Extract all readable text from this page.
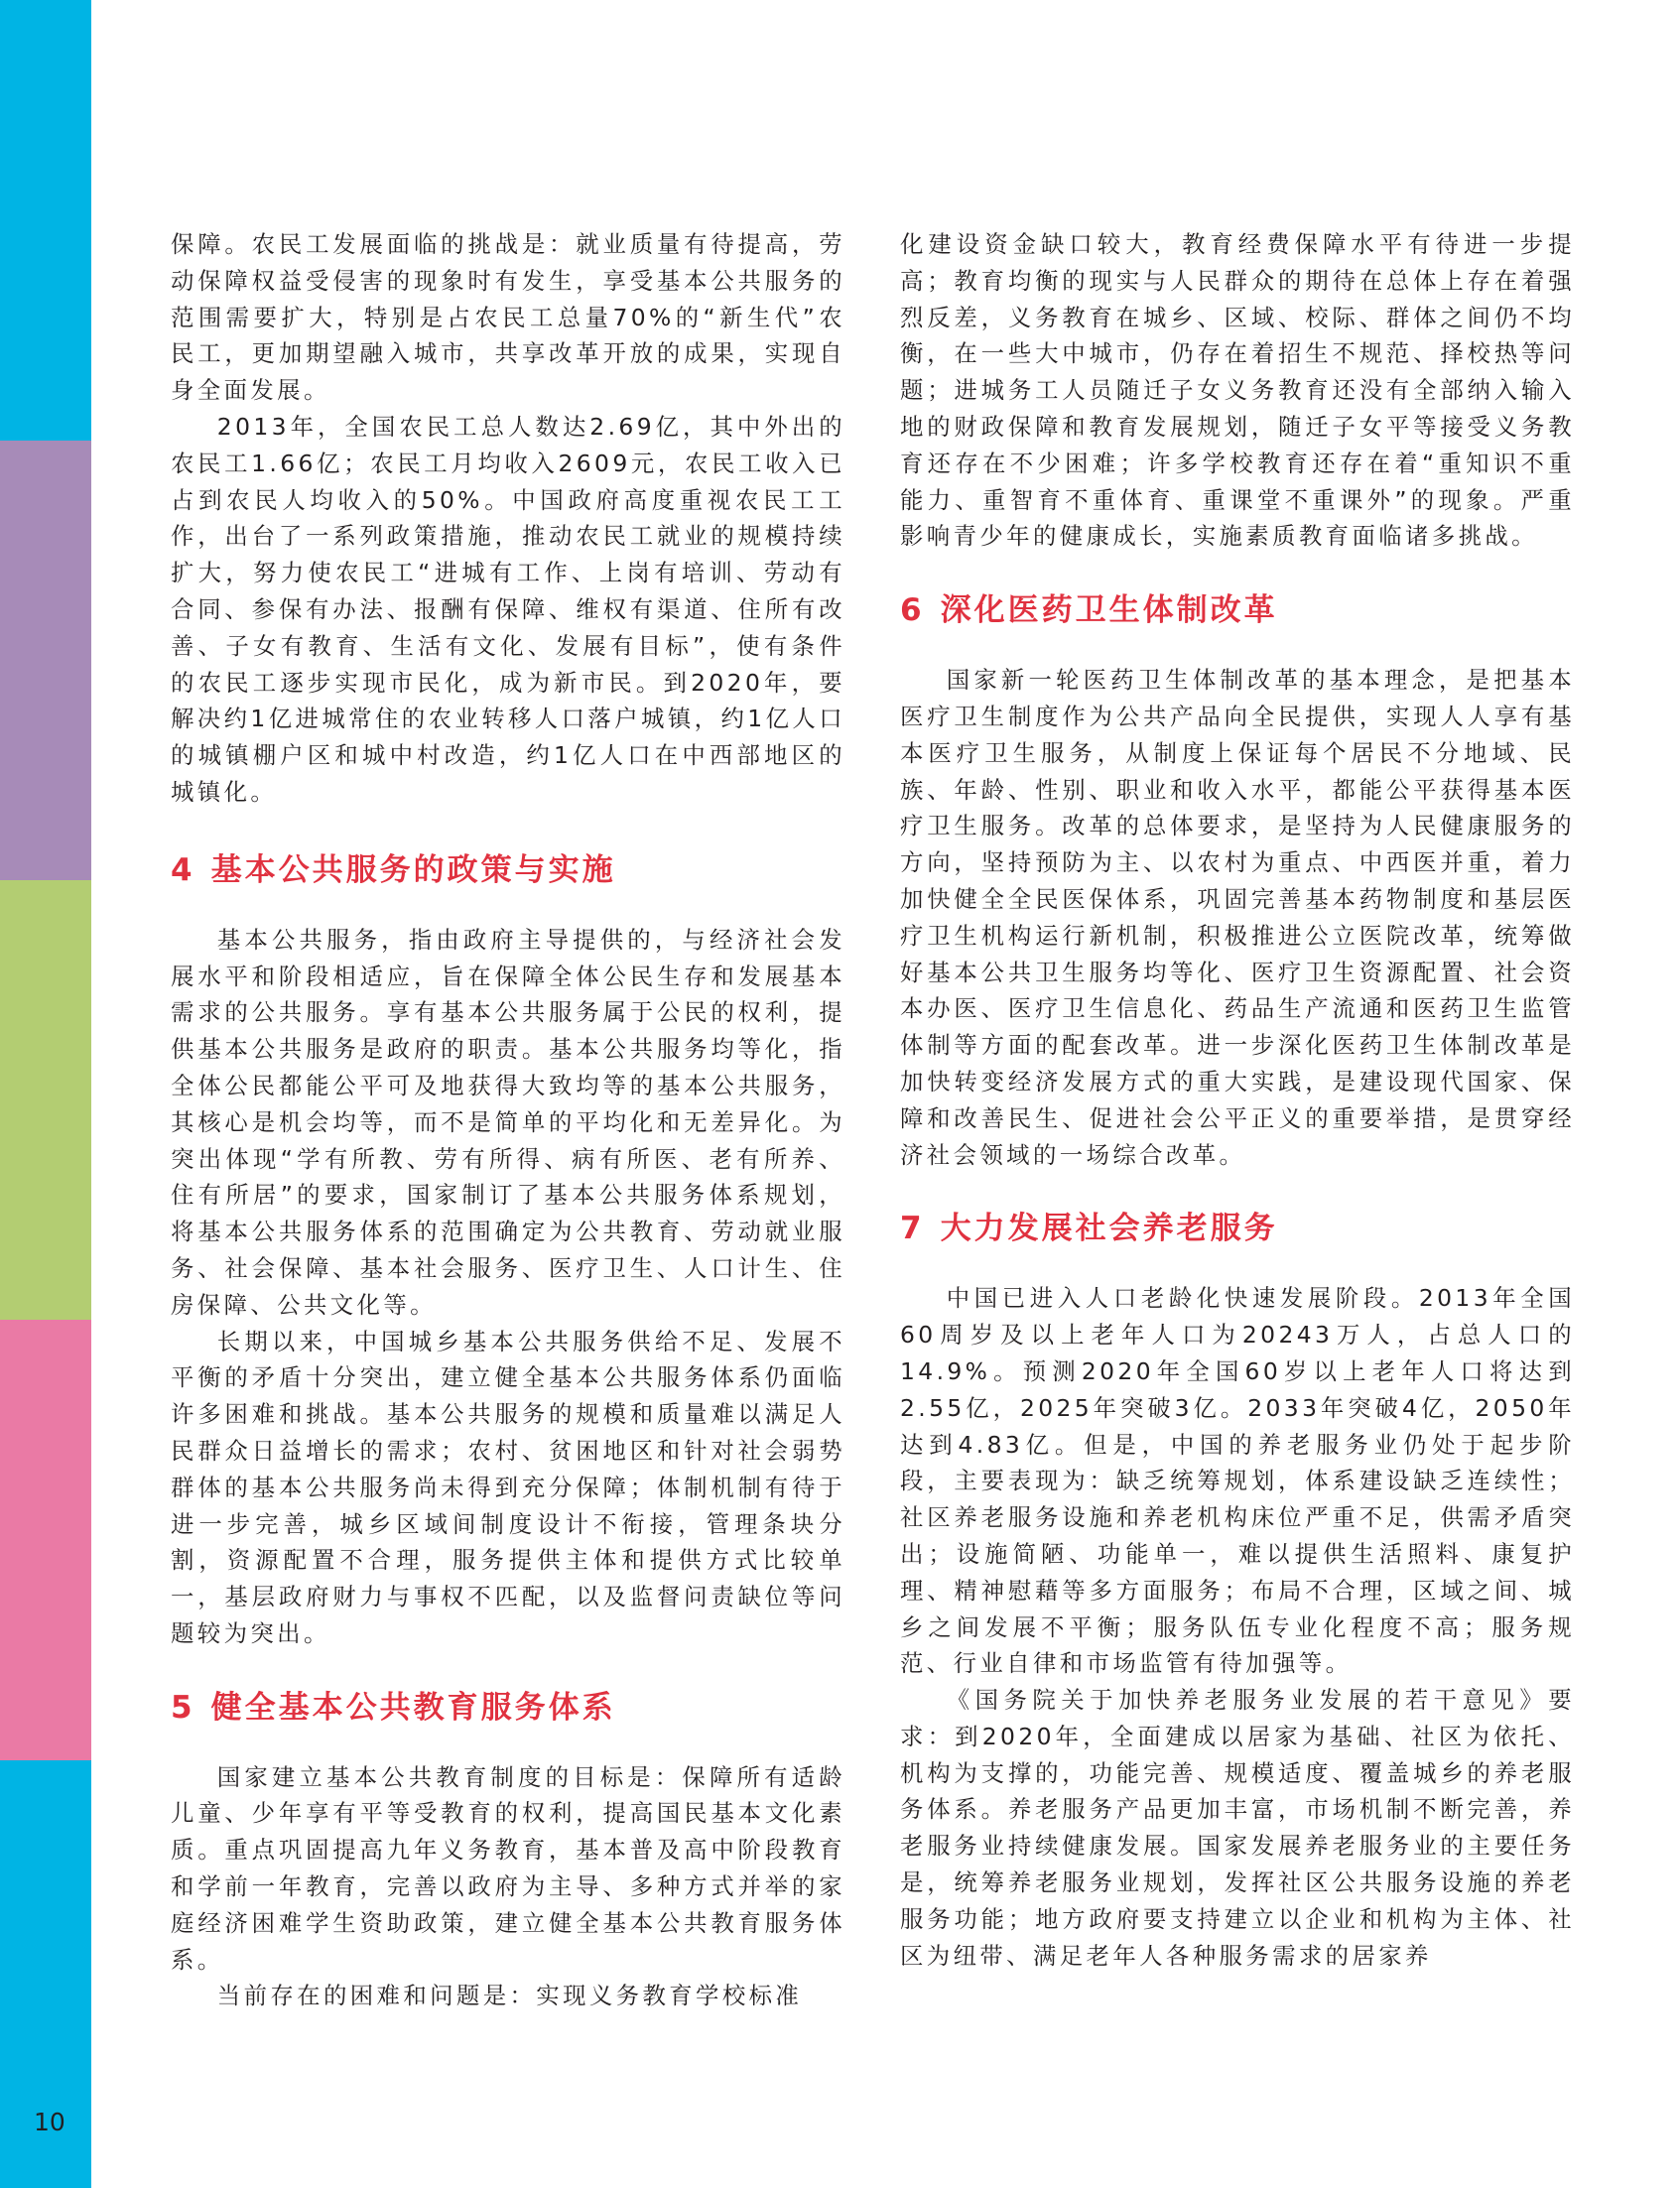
10

保障。农民工发展面临的挑战是：就业质量有待提高，劳动保障权益受侵害的现象时有发生，享受基本公共服务的范围需要扩大，特别是占农民工总量70%的“新生代”农民工，更加期望融入城市，共享改革开放的成果，实现自身全面发展。

2013年，全国农民工总人数达2.69亿，其中外出的农民工1.66亿；农民工月均收入2609元，农民工收入已占到农民人均收入的50%。中国政府高度重视农民工工作，出台了一系列政策措施，推动农民工就业的规模持续扩大，努力使农民工“进城有工作、上岗有培训、劳动有合同、参保有办法、报酬有保障、维权有渠道、住所有改善、子女有教育、生活有文化、发展有目标”，使有条件的农民工逐步实现市民化，成为新市民。到2020年，要解决约1亿进城常住的农业转移人口落户城镇，约1亿人口的城镇棚户区和城中村改造，约1亿人口在中西部地区的城镇化。

4 基本公共服务的政策与实施

基本公共服务，指由政府主导提供的，与经济社会发展水平和阶段相适应，旨在保障全体公民生存和发展基本需求的公共服务。享有基本公共服务属于公民的权利，提供基本公共服务是政府的职责。基本公共服务均等化，指全体公民都能公平可及地获得大致均等的基本公共服务，其核心是机会均等，而不是简单的平均化和无差异化。为突出体现“学有所教、劳有所得、病有所医、老有所养、住有所居”的要求，国家制订了基本公共服务体系规划，将基本公共服务体系的范围确定为公共教育、劳动就业服务、社会保障、基本社会服务、医疗卫生、人口计生、住房保障、公共文化等。

长期以来，中国城乡基本公共服务供给不足、发展不平衡的矛盾十分突出，建立健全基本公共服务体系仍面临许多困难和挑战。基本公共服务的规模和质量难以满足人民群众日益增长的需求；农村、贫困地区和针对社会弱势群体的基本公共服务尚未得到充分保障；体制机制有待于进一步完善，城乡区域间制度设计不衔接，管理条块分割，资源配置不合理，服务提供主体和提供方式比较单一，基层政府财力与事权不匹配，以及监督问责缺位等问题较为突出。

5 健全基本公共教育服务体系

国家建立基本公共教育制度的目标是：保障所有适龄儿童、少年享有平等受教育的权利，提高国民基本文化素质。重点巩固提高九年义务教育，基本普及高中阶段教育和学前一年教育，完善以政府为主导、多种方式并举的家庭经济困难学生资助政策，建立健全基本公共教育服务体系。

当前存在的困难和问题是：实现义务教育学校标准

化建设资金缺口较大，教育经费保障水平有待进一步提高；教育均衡的现实与人民群众的期待在总体上存在着强烈反差，义务教育在城乡、区域、校际、群体之间仍不均衡，在一些大中城市，仍存在着招生不规范、择校热等问题；进城务工人员随迁子女义务教育还没有全部纳入输入地的财政保障和教育发展规划，随迁子女平等接受义务教育还存在不少困难；许多学校教育还存在着“重知识不重能力、重智育不重体育、重课堂不重课外”的现象。严重影响青少年的健康成长，实施素质教育面临诸多挑战。

6 深化医药卫生体制改革

国家新一轮医药卫生体制改革的基本理念，是把基本医疗卫生制度作为公共产品向全民提供，实现人人享有基本医疗卫生服务，从制度上保证每个居民不分地域、民族、年龄、性别、职业和收入水平，都能公平获得基本医疗卫生服务。改革的总体要求，是坚持为人民健康服务的方向，坚持预防为主、以农村为重点、中西医并重，着力加快健全全民医保体系，巩固完善基本药物制度和基层医疗卫生机构运行新机制，积极推进公立医院改革，统筹做好基本公共卫生服务均等化、医疗卫生资源配置、社会资本办医、医疗卫生信息化、药品生产流通和医药卫生监管体制等方面的配套改革。进一步深化医药卫生体制改革是加快转变经济发展方式的重大实践，是建设现代国家、保障和改善民生、促进社会公平正义的重要举措，是贯穿经济社会领域的一场综合改革。

7 大力发展社会养老服务

中国已进入人口老龄化快速发展阶段。2013年全国60周岁及以上老年人口为20243万人，占总人口的14.9%。预测2020年全国60岁以上老年人口将达到2.55亿，2025年突破3亿。2033年突破4亿，2050年达到4.83亿。但是，中国的养老服务业仍处于起步阶段，主要表现为：缺乏统筹规划，体系建设缺乏连续性；社区养老服务设施和养老机构床位严重不足，供需矛盾突出；设施简陋、功能单一，难以提供生活照料、康复护理、精神慰藉等多方面服务；布局不合理，区域之间、城乡之间发展不平衡；服务队伍专业化程度不高；服务规范、行业自律和市场监管有待加强等。

《国务院关于加快养老服务业发展的若干意见》要求：到2020年，全面建成以居家为基础、社区为依托、机构为支撑的，功能完善、规模适度、覆盖城乡的养老服务体系。养老服务产品更加丰富，市场机制不断完善，养老服务业持续健康发展。国家发展养老服务业的主要任务是，统筹养老服务业规划，发挥社区公共服务设施的养老服务功能；地方政府要支持建立以企业和机构为主体、社区为纽带、满足老年人各种服务需求的居家养
